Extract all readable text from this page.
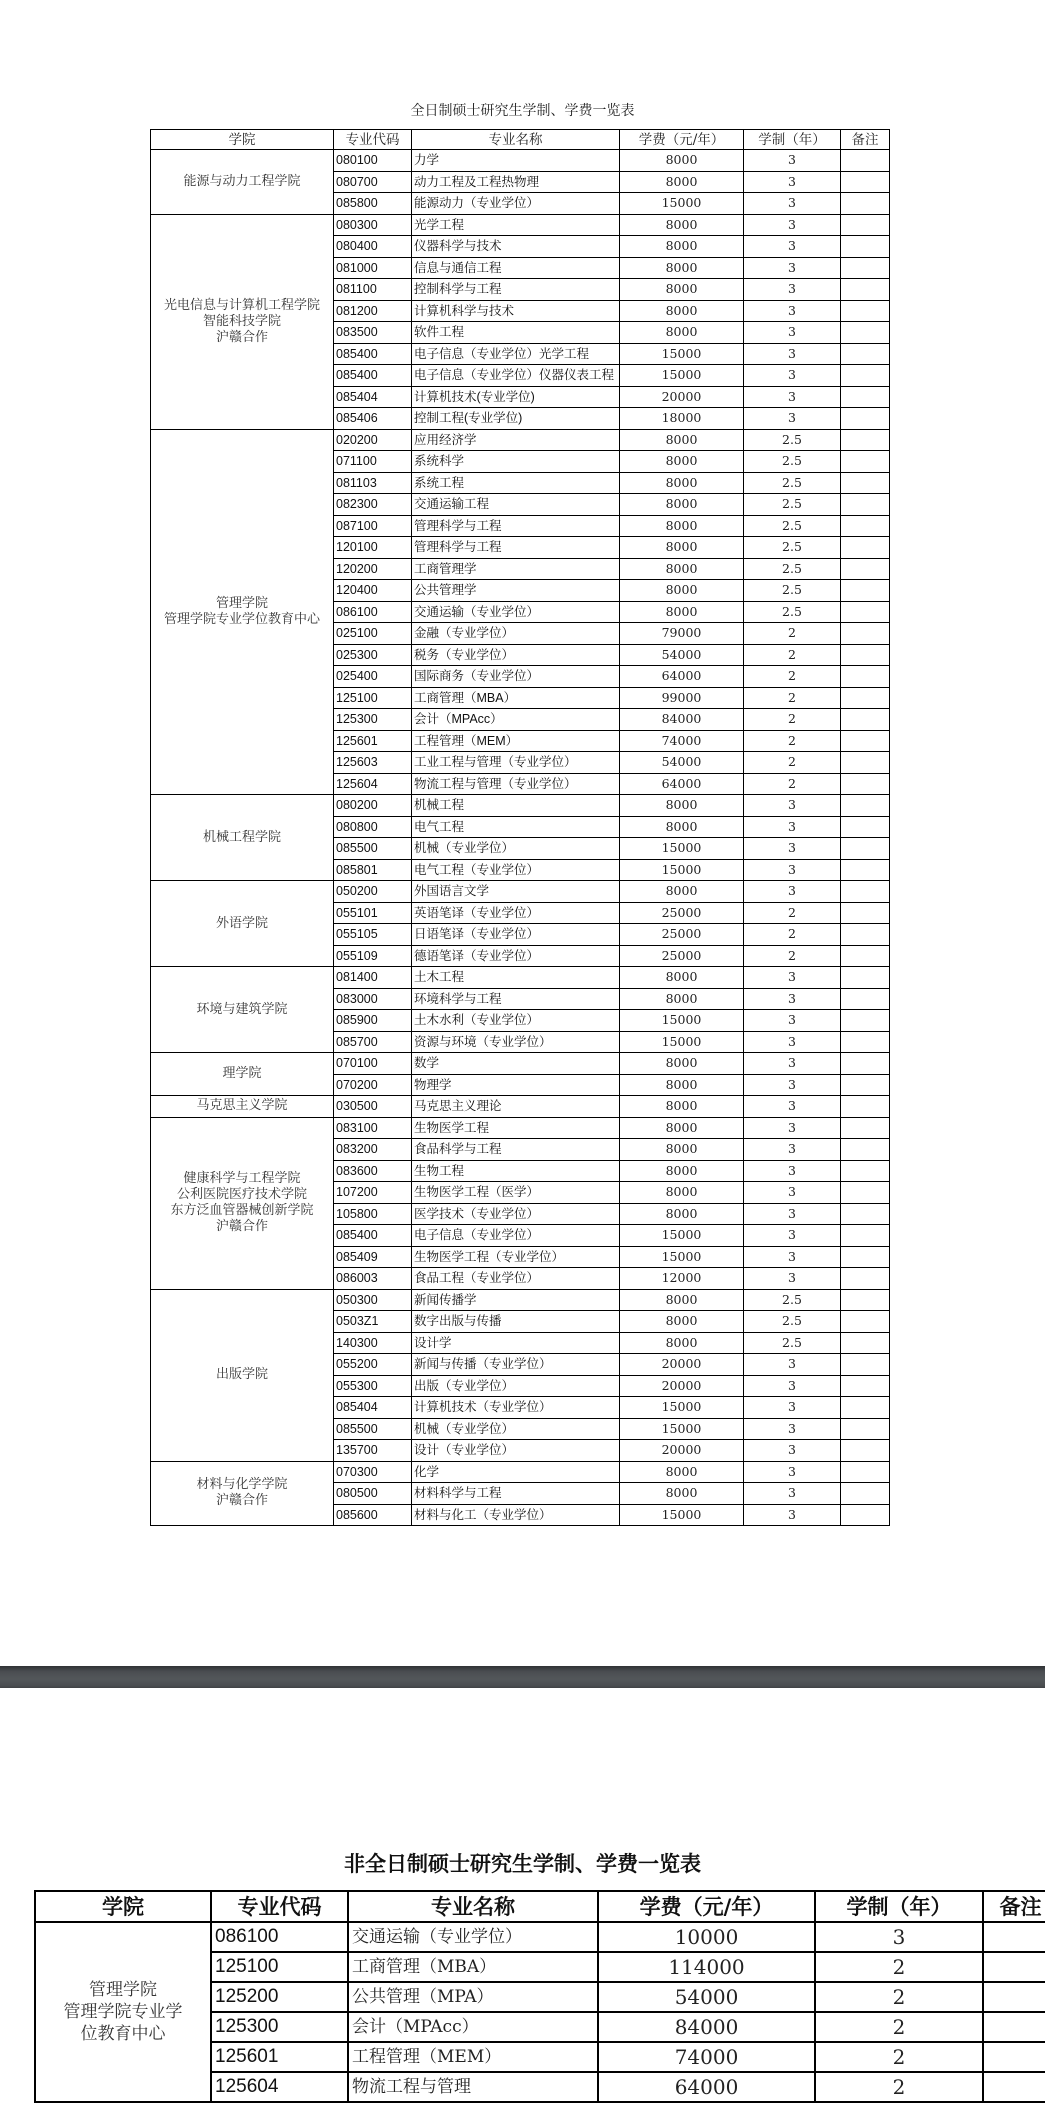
全日制硕士研究生学制、学费一览表
学院	专业代码	专业名称	学费（元/年）	学制（年）	备注

能源与动力工程学院	080100	力学	8000	3	
	080700	动力工程及工程热物理	8000	3	
	085800	能源动力（专业学位）	15000	3	

光电信息与计算机工程学院
智能科技学院
沪赣合作	080300	光学工程	8000	3	
	080400	仪器科学与技术	8000	3	
	081000	信息与通信工程	8000	3	
	081100	控制科学与工程	8000	3	
	081200	计算机科学与技术	8000	3	
	083500	软件工程	8000	3	
	085400	电子信息（专业学位）光学工程	15000	3	
	085400	电子信息（专业学位）仪器仪表工程	15000	3	
	085404	计算机技术(专业学位)	20000	3	
	085406	控制工程(专业学位)	18000	3	

管理学院
管理学院专业学位教育中心	020200	应用经济学	8000	2.5	
	071100	系统科学	8000	2.5	
	081103	系统工程	8000	2.5	
	082300	交通运输工程	8000	2.5	
	087100	管理科学与工程	8000	2.5	
	120100	管理科学与工程	8000	2.5	
	120200	工商管理学	8000	2.5	
	120400	公共管理学	8000	2.5	
	086100	交通运输（专业学位）	8000	2.5	
	025100	金融（专业学位）	79000	2	
	025300	税务（专业学位）	54000	2	
	025400	国际商务（专业学位）	64000	2	
	125100	工商管理（MBA）	99000	2	
	125300	会计（MPAcc）	84000	2	
	125601	工程管理（MEM）	74000	2	
	125603	工业工程与管理（专业学位）	54000	2	
	125604	物流工程与管理（专业学位）	64000	2	

机械工程学院	080200	机械工程	8000	3	
	080800	电气工程	8000	3	
	085500	机械（专业学位）	15000	3	
	085801	电气工程（专业学位）	15000	3	

外语学院	050200	外国语言文学	8000	3	
	055101	英语笔译（专业学位）	25000	2	
	055105	日语笔译（专业学位）	25000	2	
	055109	德语笔译（专业学位）	25000	2	

环境与建筑学院	081400	土木工程	8000	3	
	083000	环境科学与工程	8000	3	
	085900	土木水利（专业学位）	15000	3	
	085700	资源与环境（专业学位）	15000	3	

理学院	070100	数学	8000	3	
	070200	物理学	8000	3	

马克思主义学院	030500	马克思主义理论	8000	3	

健康科学与工程学院
公利医院医疗技术学院
东方泛血管器械创新学院
沪赣合作	083100	生物医学工程	8000	3	
	083200	食品科学与工程	8000	3	
	083600	生物工程	8000	3	
	107200	生物医学工程（医学）	8000	3	
	105800	医学技术（专业学位）	8000	3	
	085400	电子信息（专业学位）	15000	3	
	085409	生物医学工程（专业学位）	15000	3	
	086003	食品工程（专业学位）	12000	3	

出版学院	050300	新闻传播学	8000	2.5	
	0503Z1	数字出版与传播	8000	2.5	
	140300	设计学	8000	2.5	
	055200	新闻与传播（专业学位）	20000	3	
	055300	出版（专业学位）	20000	3	
	085404	计算机技术（专业学位）	15000	3	
	085500	机械（专业学位）	15000	3	
	135700	设计（专业学位）	20000	3	

材料与化学学院
沪赣合作	070300	化学	8000	3	
	080500	材料科学与工程	8000	3	
	085600	材料与化工（专业学位）	15000	3	
非全日制硕士研究生学制、学费一览表
学院	专业代码	专业名称	学费（元/年）	学制（年）	备注

管理学院
管理学院专业学
位教育中心	086100	交通运输（专业学位）	10000	3	
	125100	工商管理（MBA）	114000	2	
	125200	公共管理（MPA）	54000	2	
	125300	会计（MPAcc）	84000	2	
	125601	工程管理（MEM）	74000	2	
	125604	物流工程与管理	64000	2	
